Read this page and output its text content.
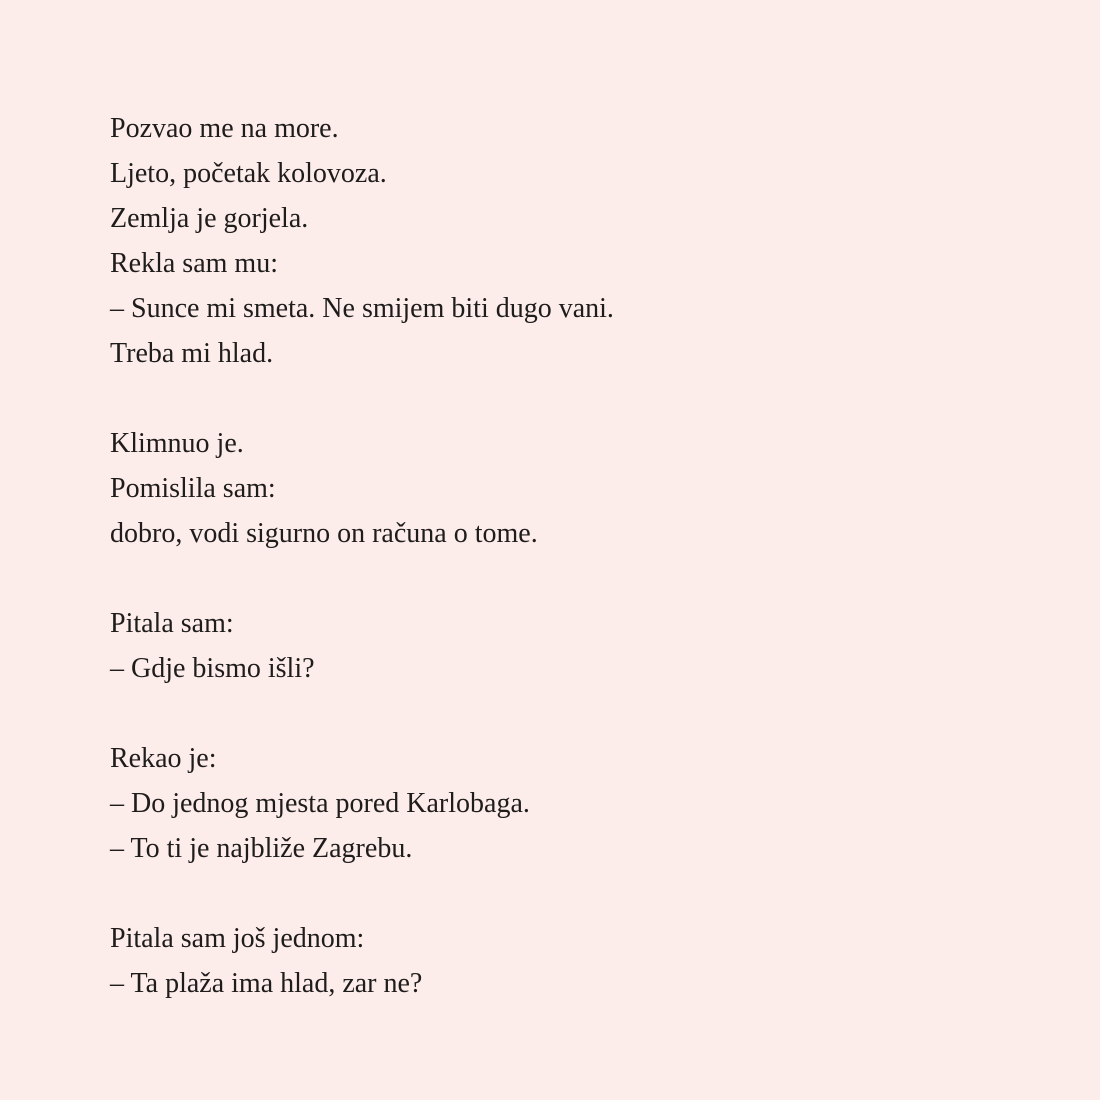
Pozvao me na more.
Ljeto, početak kolovoza.
Zemlja je gorjela.
Rekla sam mu:
– Sunce mi smeta. Ne smijem biti dugo vani.
Treba mi hlad.
Klimnuo je.
Pomislila sam:
dobro, vodi sigurno on računa o tome.
Pitala sam:
– Gdje bismo išli?
Rekao je:
– Do jednog mjesta pored Karlobaga.
– To ti je najbliže Zagrebu.
Pitala sam još jednom:
– Ta plaža ima hlad, zar ne?
